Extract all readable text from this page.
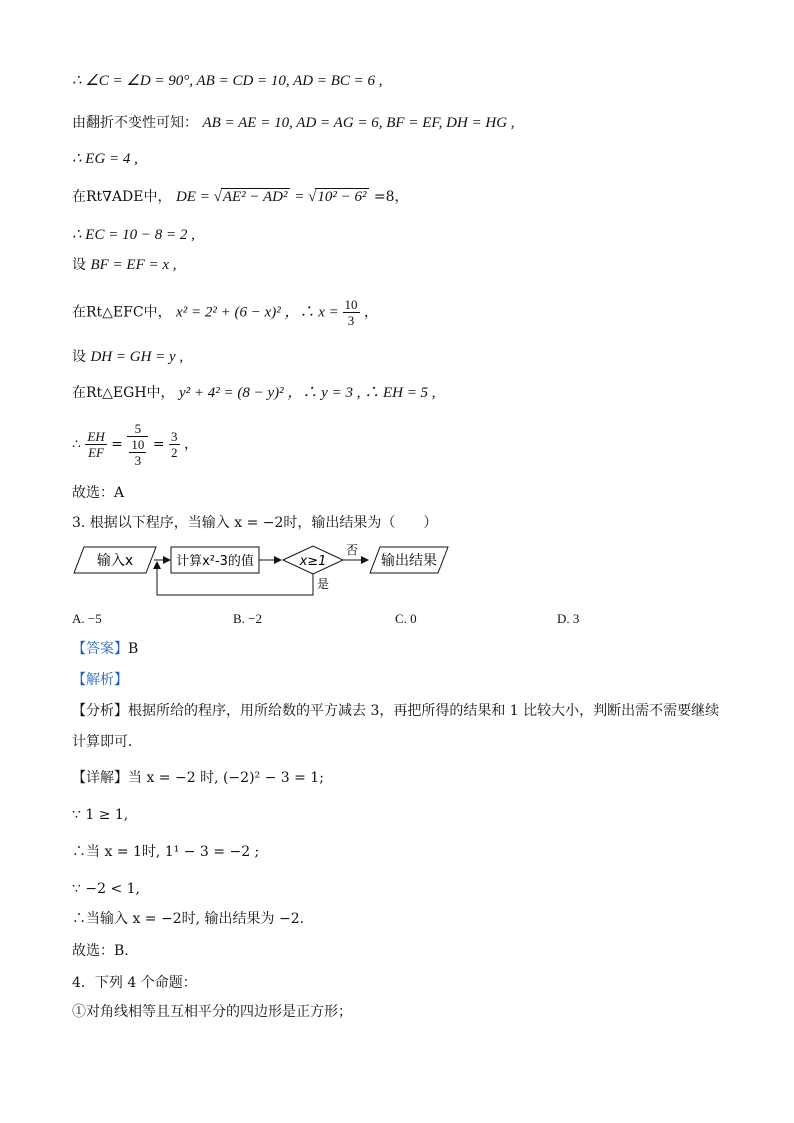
∴ ∠C = ∠D = 90°, AB = CD = 10, AD = BC = 6 ,
由翻折不变性可知： AB = AE = 10, AD = AG = 6, BF = EF, DH = HG ,
∴ EG = 4 ,
在Rt∇ADE中， DE = √AE² − AD² = √10² − 6² =8，
∴ EC = 10 − 8 = 2 ,
设 BF = EF = x ,
在Rt△EFC中， x² = 2² + (6 − x)² ，∴ $x = \frac{10}{3}$ ，
设 DH = GH = y ,
在Rt△EGH中， y² + 4² = (8 − y)² ，∴ y = 3 , ∴ EH = 5 ,
∴ $\frac{EH}{EF} = \frac{5}{\frac{10}{3}} = \frac{3}{2}$ ，
故选：A
3. 根据以下程序，当输入 x = −2时，输出结果为（　　）
输入x	计算x²-3的值	x≥1
否
输出结果
是
A. −5	B. −2	C. 0	D. 3
【答案】B
【解析】
【分析】根据所给的程序，用所给数的平方减去 3，再把所得的结果和 1 比较大小，判断出需不需要继续
计算即可．
【详解】当 x = −2 时, (−2)² − 3 = 1;
∵ 1 ≥ 1,
∴当 x = 1时, 1¹ − 3 = −2 ;
∵ −2 < 1,
∴当输入 x = −2时, 输出结果为 −2.
故选：B.
4．下列 4 个命题：
①对角线相等且互相平分的四边形是正方形；
